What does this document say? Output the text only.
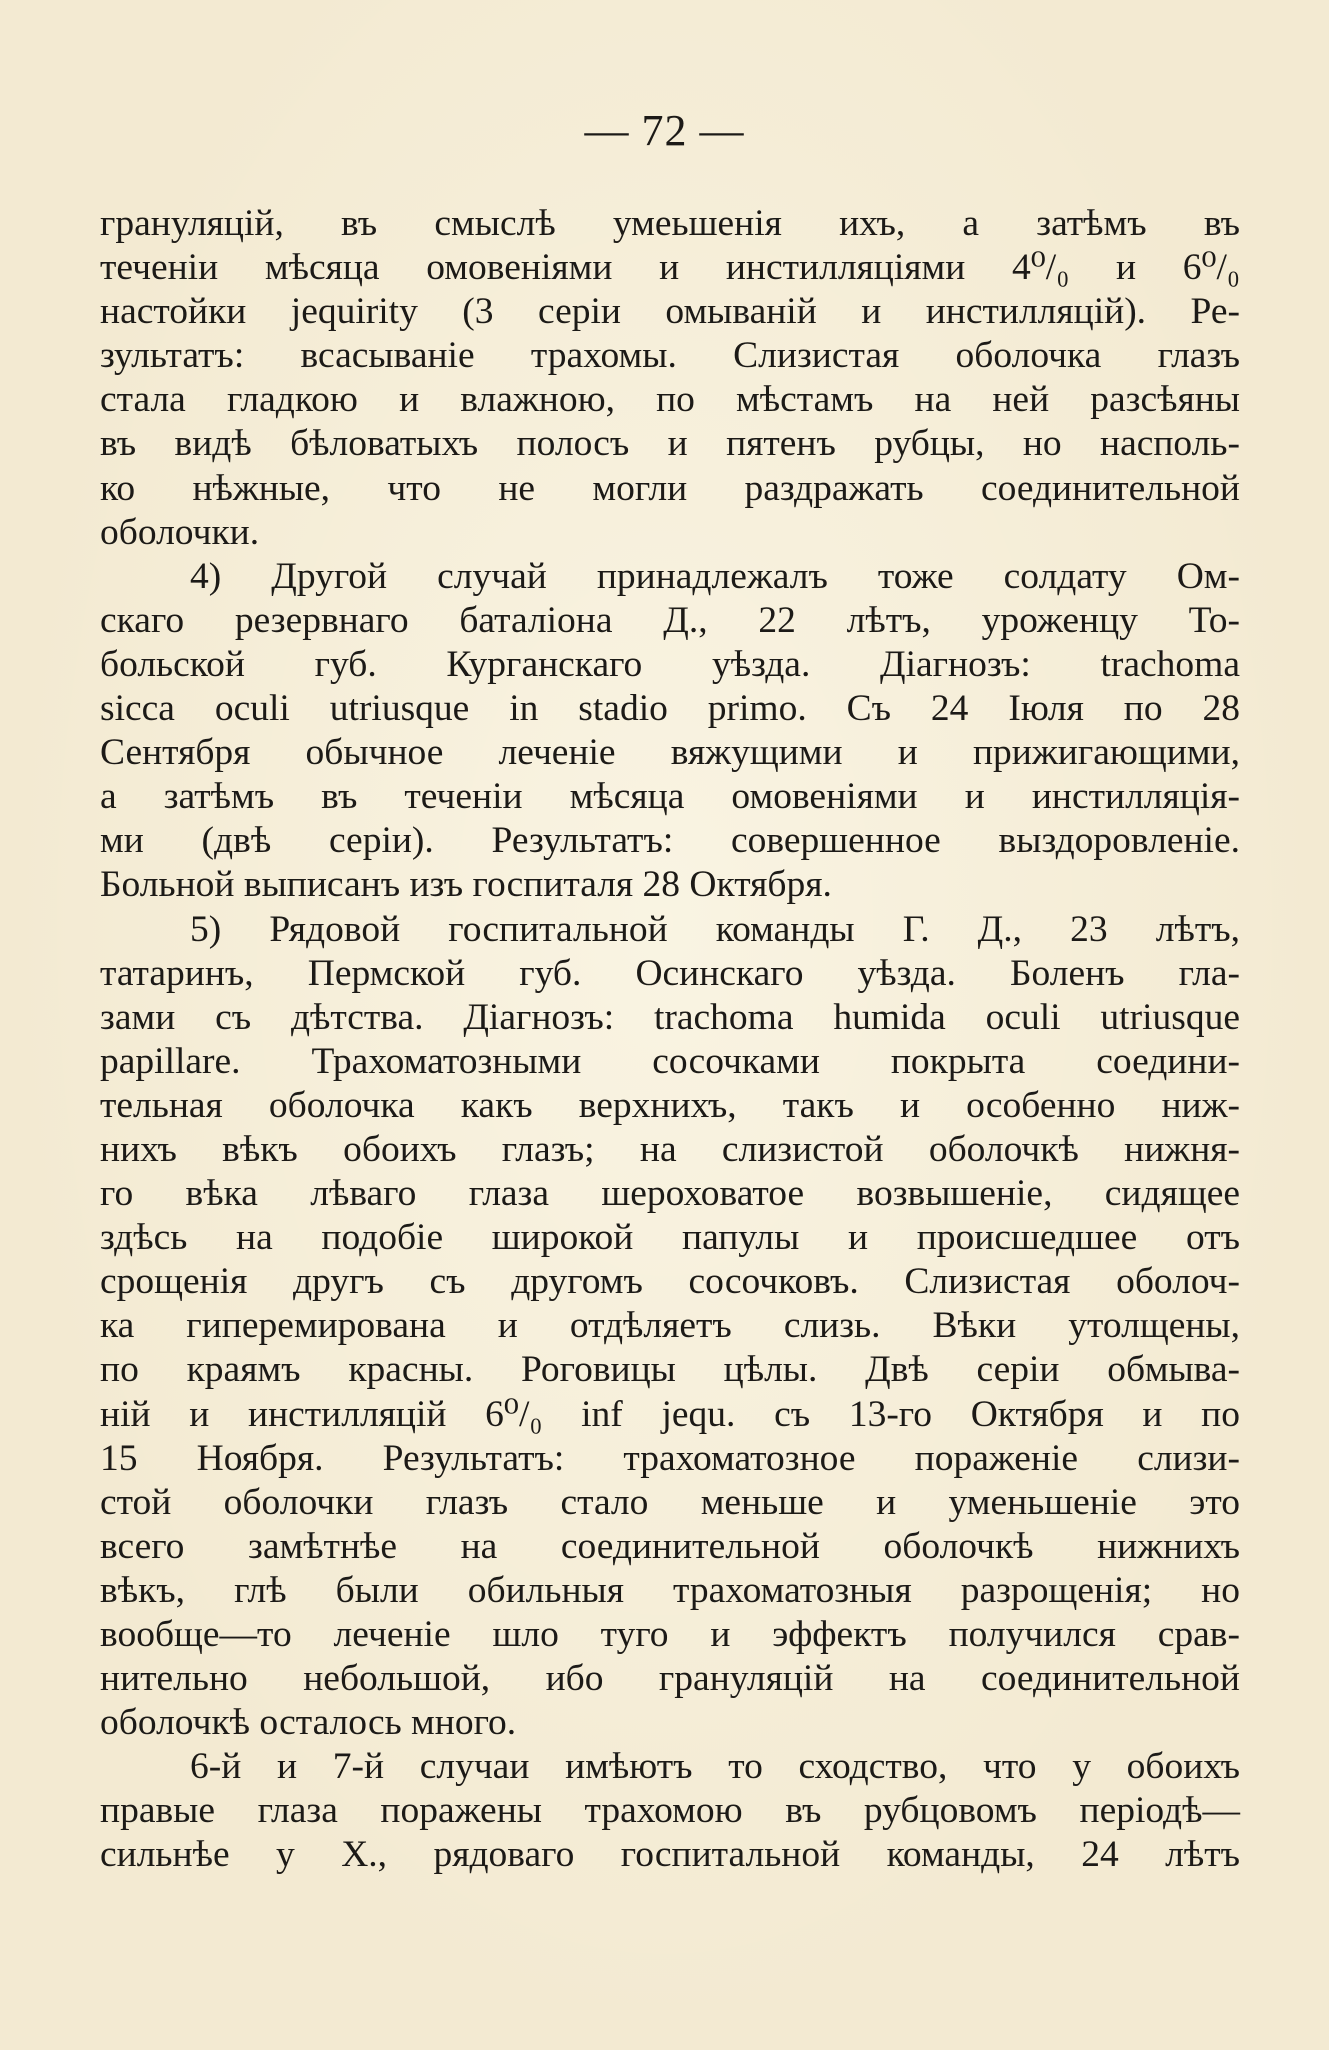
— 72 —
грануляцій, въ смыслѣ умеьшенія ихъ, а затѣмъ въ
теченіи мѣсяца омовеніями и инстилляціями 4⁰/₀ и 6⁰/₀
настойки jequirity (3 серіи омываній и инстилляцій). Ре-
зультатъ: всасываніе трахомы. Слизистая оболочка глазъ
стала гладкою и влажною, по мѣстамъ на ней разсѣяны
въ видѣ бѣловатыхъ полосъ и пятенъ рубцы, но насполь-
ко нѣжные, что не могли раздражать соединительной
оболочки.
4) Другой случай принадлежалъ тоже солдату Ом-
скаго резервнаго баталіона Д., 22 лѣтъ, уроженцу То-
больской губ. Курганскаго уѣзда. Діагнозъ: trachoma
sicca oculi utriusque in stadio primo. Съ 24 Іюля по 28
Сентября обычное леченіе вяжущими и прижигающими,
а затѣмъ въ теченіи мѣсяца омовеніями и инстилляція-
ми (двѣ серіи). Результатъ: совершенное выздоровленіе.
Больной выписанъ изъ госпиталя 28 Октября.
5) Рядовой госпитальной команды Г. Д., 23 лѣтъ,
татаринъ, Пермской губ. Осинскаго уѣзда. Боленъ гла-
зами съ дѣтства. Діагнозъ: trachoma humida oculi utriusque
papillare. Трахоматозными сосочками покрыта соедини-
тельная оболочка какъ верхнихъ, такъ и особенно ниж-
нихъ вѣкъ обоихъ глазъ; на слизистой оболочкѣ нижня-
го вѣка лѣваго глаза шероховатое возвышеніе, сидящее
здѣсь на подобіе широкой папулы и происшедшее отъ
срощенія другъ съ другомъ сосочковъ. Слизистая оболоч-
ка гиперемирована и отдѣляетъ слизь. Вѣки утолщены,
по краямъ красны. Роговицы цѣлы. Двѣ серіи обмыва-
ній и инстилляцій 6⁰/₀ inf jequ. съ 13-го Октября и по
15 Ноября. Результатъ: трахоматозное пораженіе слизи-
стой оболочки глазъ стало меньше и уменьшеніе это
всего замѣтнѣе на соединительной оболочкѣ нижнихъ
вѣкъ, глѣ были обильныя трахоматозныя разрощенія; но
вообще—то леченіе шло туго и эффектъ получился срав-
нительно небольшой, ибо грануляцій на соединительной
оболочкѣ осталось много.
6-й и 7-й случаи имѣютъ то сходство, что у обоихъ
правые глаза поражены трахомою въ рубцовомъ періодѣ—
сильнѣе у Х., рядоваго госпитальной команды, 24 лѣтъ
